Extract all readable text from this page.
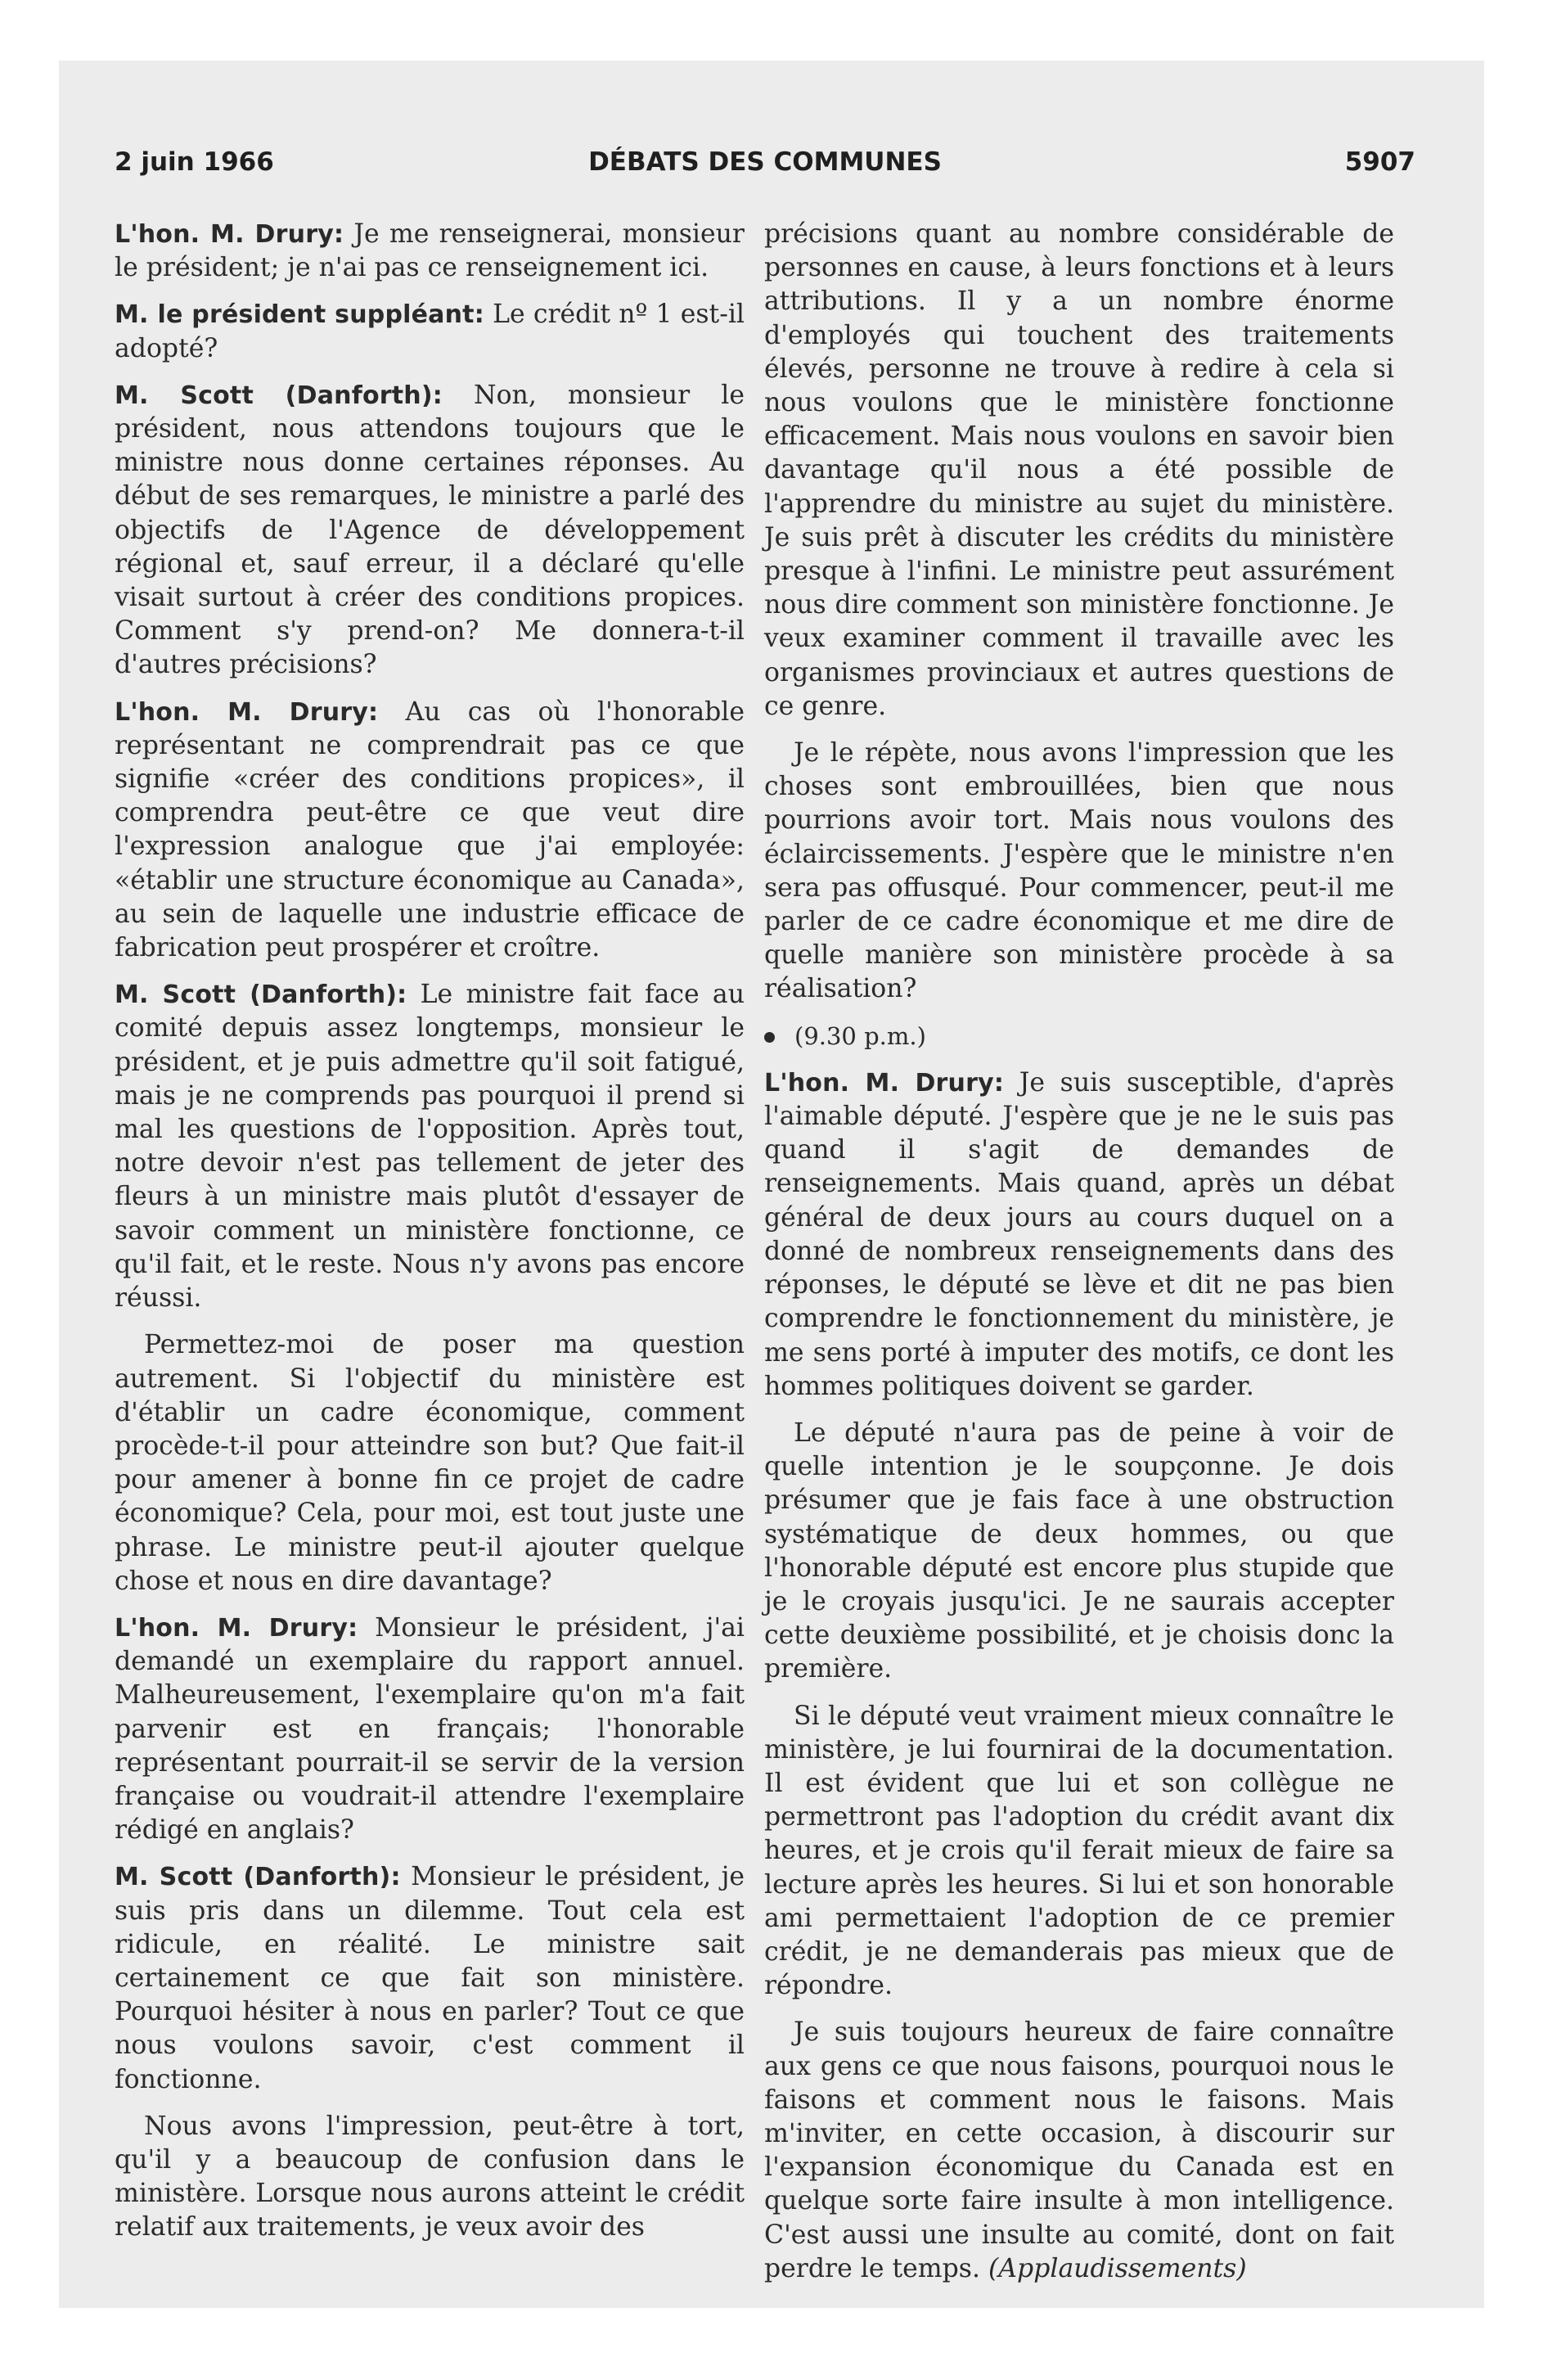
2 juin 1966	DÉBATS DES COMMUNES	5907

L'hon. M. Drury: Je me renseignerai, monsieur le président; je n'ai pas ce renseignement ici.

M. le président suppléant: Le crédit nº 1 est-il adopté?

M. Scott (Danforth): Non, monsieur le président, nous attendons toujours que le ministre nous donne certaines réponses. Au début de ses remarques, le ministre a parlé des objectifs de l'Agence de développement régional et, sauf erreur, il a déclaré qu'elle visait surtout à créer des conditions propices. Comment s'y prend-on? Me donnera-t-il d'autres précisions?

L'hon. M. Drury: Au cas où l'honorable représentant ne comprendrait pas ce que signifie «créer des conditions propices», il comprendra peut-être ce que veut dire l'expression analogue que j'ai employée: «établir une structure économique au Canada», au sein de laquelle une industrie efficace de fabrication peut prospérer et croître.

M. Scott (Danforth): Le ministre fait face au comité depuis assez longtemps, monsieur le président, et je puis admettre qu'il soit fatigué, mais je ne comprends pas pourquoi il prend si mal les questions de l'opposition. Après tout, notre devoir n'est pas tellement de jeter des fleurs à un ministre mais plutôt d'essayer de savoir comment un ministère fonctionne, ce qu'il fait, et le reste. Nous n'y avons pas encore réussi.

Permettez-moi de poser ma question autrement. Si l'objectif du ministère est d'établir un cadre économique, comment procède-t-il pour atteindre son but? Que fait-il pour amener à bonne fin ce projet de cadre économique? Cela, pour moi, est tout juste une phrase. Le ministre peut-il ajouter quelque chose et nous en dire davantage?

L'hon. M. Drury: Monsieur le président, j'ai demandé un exemplaire du rapport annuel. Malheureusement, l'exemplaire qu'on m'a fait parvenir est en français; l'honorable représentant pourrait-il se servir de la version française ou voudrait-il attendre l'exemplaire rédigé en anglais?

M. Scott (Danforth): Monsieur le président, je suis pris dans un dilemme. Tout cela est ridicule, en réalité. Le ministre sait certainement ce que fait son ministère. Pourquoi hésiter à nous en parler? Tout ce que nous voulons savoir, c'est comment il fonctionne.

Nous avons l'impression, peut-être à tort, qu'il y a beaucoup de confusion dans le ministère. Lorsque nous aurons atteint le crédit relatif aux traitements, je veux avoir des

précisions quant au nombre considérable de personnes en cause, à leurs fonctions et à leurs attributions. Il y a un nombre énorme d'employés qui touchent des traitements élevés, personne ne trouve à redire à cela si nous voulons que le ministère fonctionne efficacement. Mais nous voulons en savoir bien davantage qu'il nous a été possible de l'apprendre du ministre au sujet du ministère. Je suis prêt à discuter les crédits du ministère presque à l'infini. Le ministre peut assurément nous dire comment son ministère fonctionne. Je veux examiner comment il travaille avec les organismes provinciaux et autres questions de ce genre.

Je le répète, nous avons l'impression que les choses sont embrouillées, bien que nous pourrions avoir tort. Mais nous voulons des éclaircissements. J'espère que le ministre n'en sera pas offusqué. Pour commencer, peut-il me parler de ce cadre économique et me dire de quelle manière son ministère procède à sa réalisation?

(9.30 p.m.)

L'hon. M. Drury: Je suis susceptible, d'après l'aimable député. J'espère que je ne le suis pas quand il s'agit de demandes de renseignements. Mais quand, après un débat général de deux jours au cours duquel on a donné de nombreux renseignements dans des réponses, le député se lève et dit ne pas bien comprendre le fonctionnement du ministère, je me sens porté à imputer des motifs, ce dont les hommes politiques doivent se garder.

Le député n'aura pas de peine à voir de quelle intention je le soupçonne. Je dois présumer que je fais face à une obstruction systématique de deux hommes, ou que l'honorable député est encore plus stupide que je le croyais jusqu'ici. Je ne saurais accepter cette deuxième possibilité, et je choisis donc la première.

Si le député veut vraiment mieux connaître le ministère, je lui fournirai de la documentation. Il est évident que lui et son collègue ne permettront pas l'adoption du crédit avant dix heures, et je crois qu'il ferait mieux de faire sa lecture après les heures. Si lui et son honorable ami permettaient l'adoption de ce premier crédit, je ne demanderais pas mieux que de répondre.

Je suis toujours heureux de faire connaître aux gens ce que nous faisons, pourquoi nous le faisons et comment nous le faisons. Mais m'inviter, en cette occasion, à discourir sur l'expansion économique du Canada est en quelque sorte faire insulte à mon intelligence. C'est aussi une insulte au comité, dont on fait perdre le temps. (Applaudissements)
